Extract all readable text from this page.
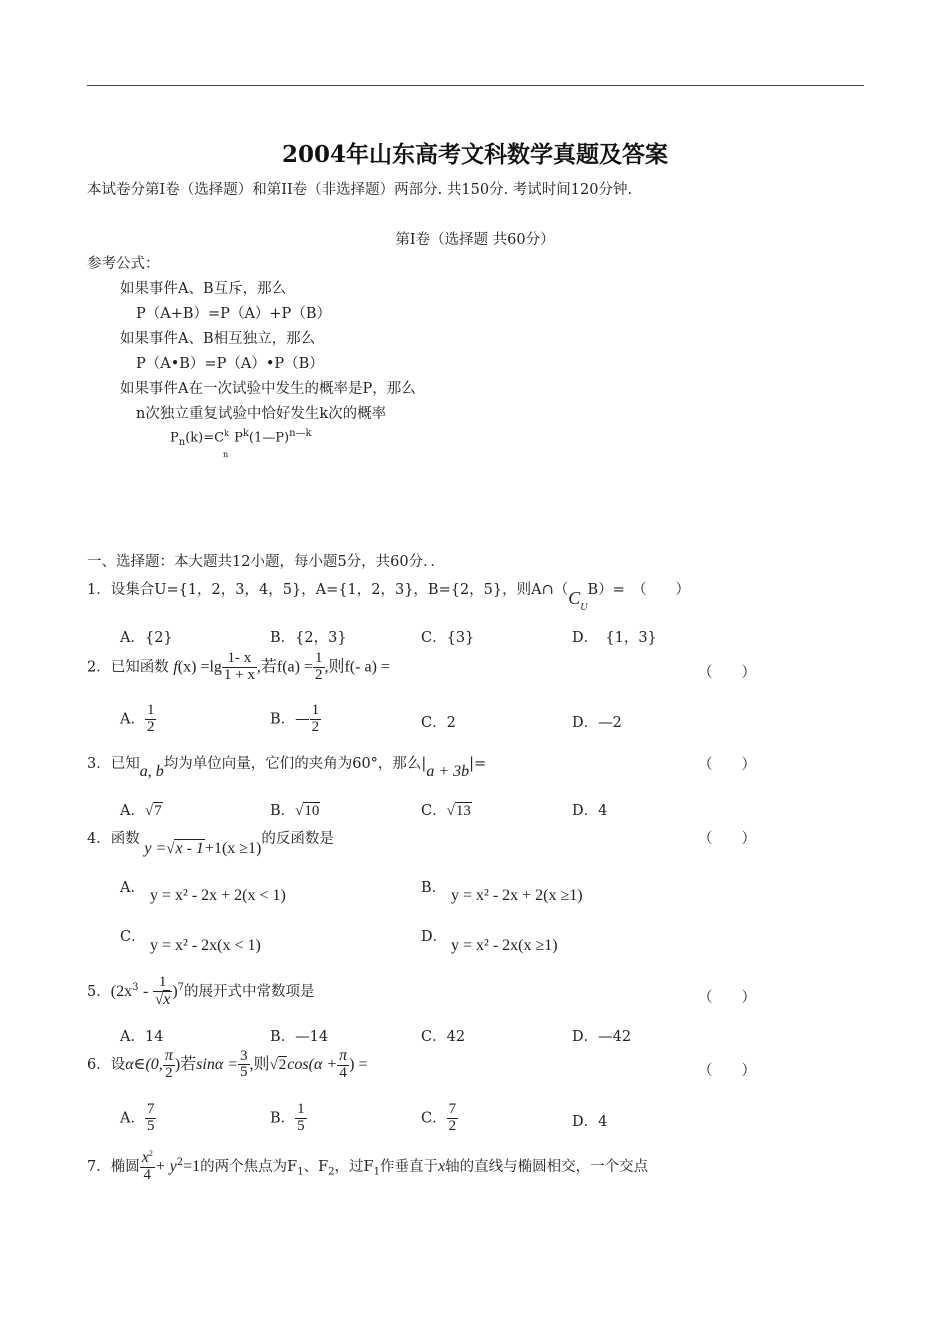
2004年山东高考文科数学真题及答案
本试卷分第Ⅰ卷（选择题）和第II卷（非选择题）两部分. 共150分. 考试时间120分钟.
第Ⅰ卷（选择题 共60分）
参考公式：
如果事件A、B互斥，那么
P（A+B）=P（A）+P（B）
如果事件A、B相互独立，那么
P（A•B）=P（A）•P（B）
如果事件A在一次试验中发生的概率是P，那么
n次独立重复试验中恰好发生k次的概率
$P_n(k)=C^k_nP^k(1—P)^{n—k}$
一、选择题：本大题共12小题，每小题5分，共60分．．
1．设集合U={1，2，3，4，5}，A={1，2，3}，B={2，5}，则$A\cap(C_UB)=$　（　　）
A．{2}	B．{2，3}	C．{3}	D．　{1，3}
2．已知函数 $f(x) =\lg \frac{1- x}{1 + x}$ ,若$f(a) = \frac{1}{2}$ ,则f(- a) =	（　　）
A． $\frac{1}{2}$	B．— $\frac{1}{2}$	C．2	D．—2
3．已知a, b均为单位向量，它们的夹角为60°，那么|a + 3b|=	（　　）
A．√7	B．√10	C．√13	D．4
4．函数 y =√x - 1+1(x ≥1)的反函数是	（　　）
A． y = x² - 2x + 2(x < 1)	B． y = x² - 2x + 2(x ≥1)
C． y = x² - 2x(x < 1)	D． y = x² - 2x(x ≥1)
5．$(2x^3 - \frac{1}{√x} )^7$的展开式中常数项是	（　　）
A．14	B．—14	C．42	D．—42
6．设α∈(0, $\frac{\pi}{2}$ )若$\sin\alpha = \frac{3}{5}$ ,则$√2\cos(\alpha + \frac{\pi}{4}$ ) =	（　　）
A． $\frac{7}{5}$	B． $\frac{1}{5}$	C． $\frac{7}{2}$	D．4
7．椭圆 $\frac{x^2}{4} + y^2=1$的两个焦点为$F_1$、$F_2$，过$F_1$作垂直于x轴的直线与椭圆相交，一个交点
